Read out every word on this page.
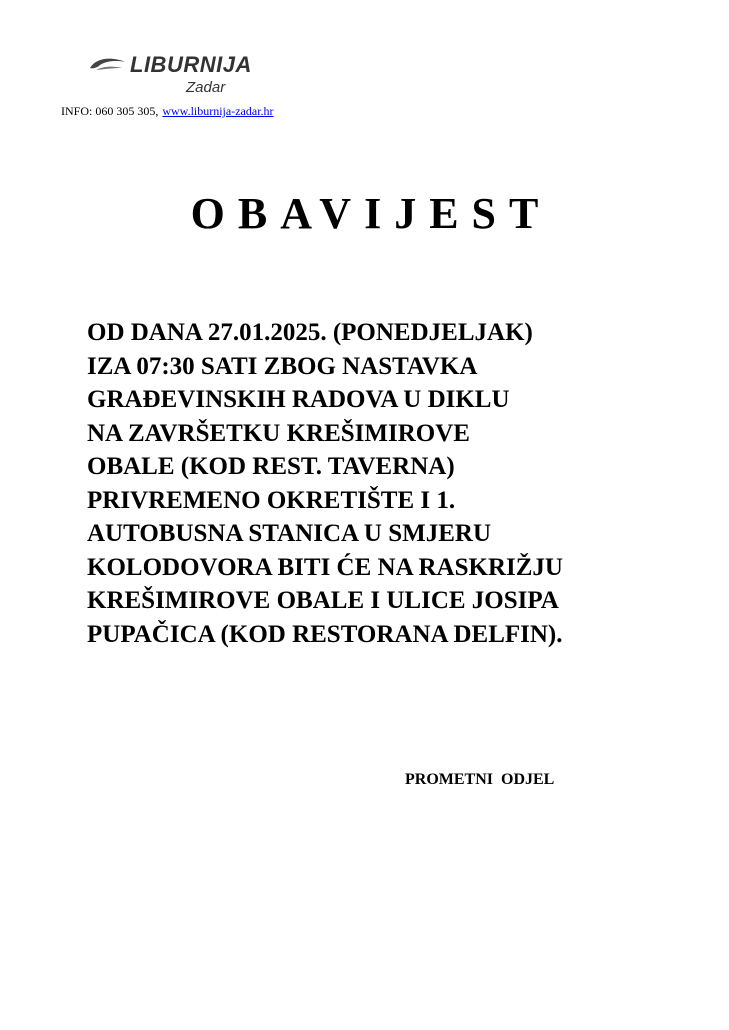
LIBURNIJA
Zadar
INFO: 060 305 305, www.liburnija-zadar.hr
OBAVIJEST
OD DANA 27.01.2025. (PONEDJELJAK)
IZA 07:30 SATI ZBOG NASTAVKA
GRAĐEVINSKIH RADOVA U DIKLU
NA ZAVRŠETKU KREŠIMIROVE
OBALE (KOD REST. TAVERNA)
PRIVREMENO OKRETIŠTE I 1.
AUTOBUSNA STANICA U SMJERU
KOLODOVORA BITI ĆE NA RASKRIŽJU
KREŠIMIROVE OBALE I ULICE JOSIPA
PUPAČICA (KOD RESTORANA DELFIN).
PROMETNI  ODJEL
